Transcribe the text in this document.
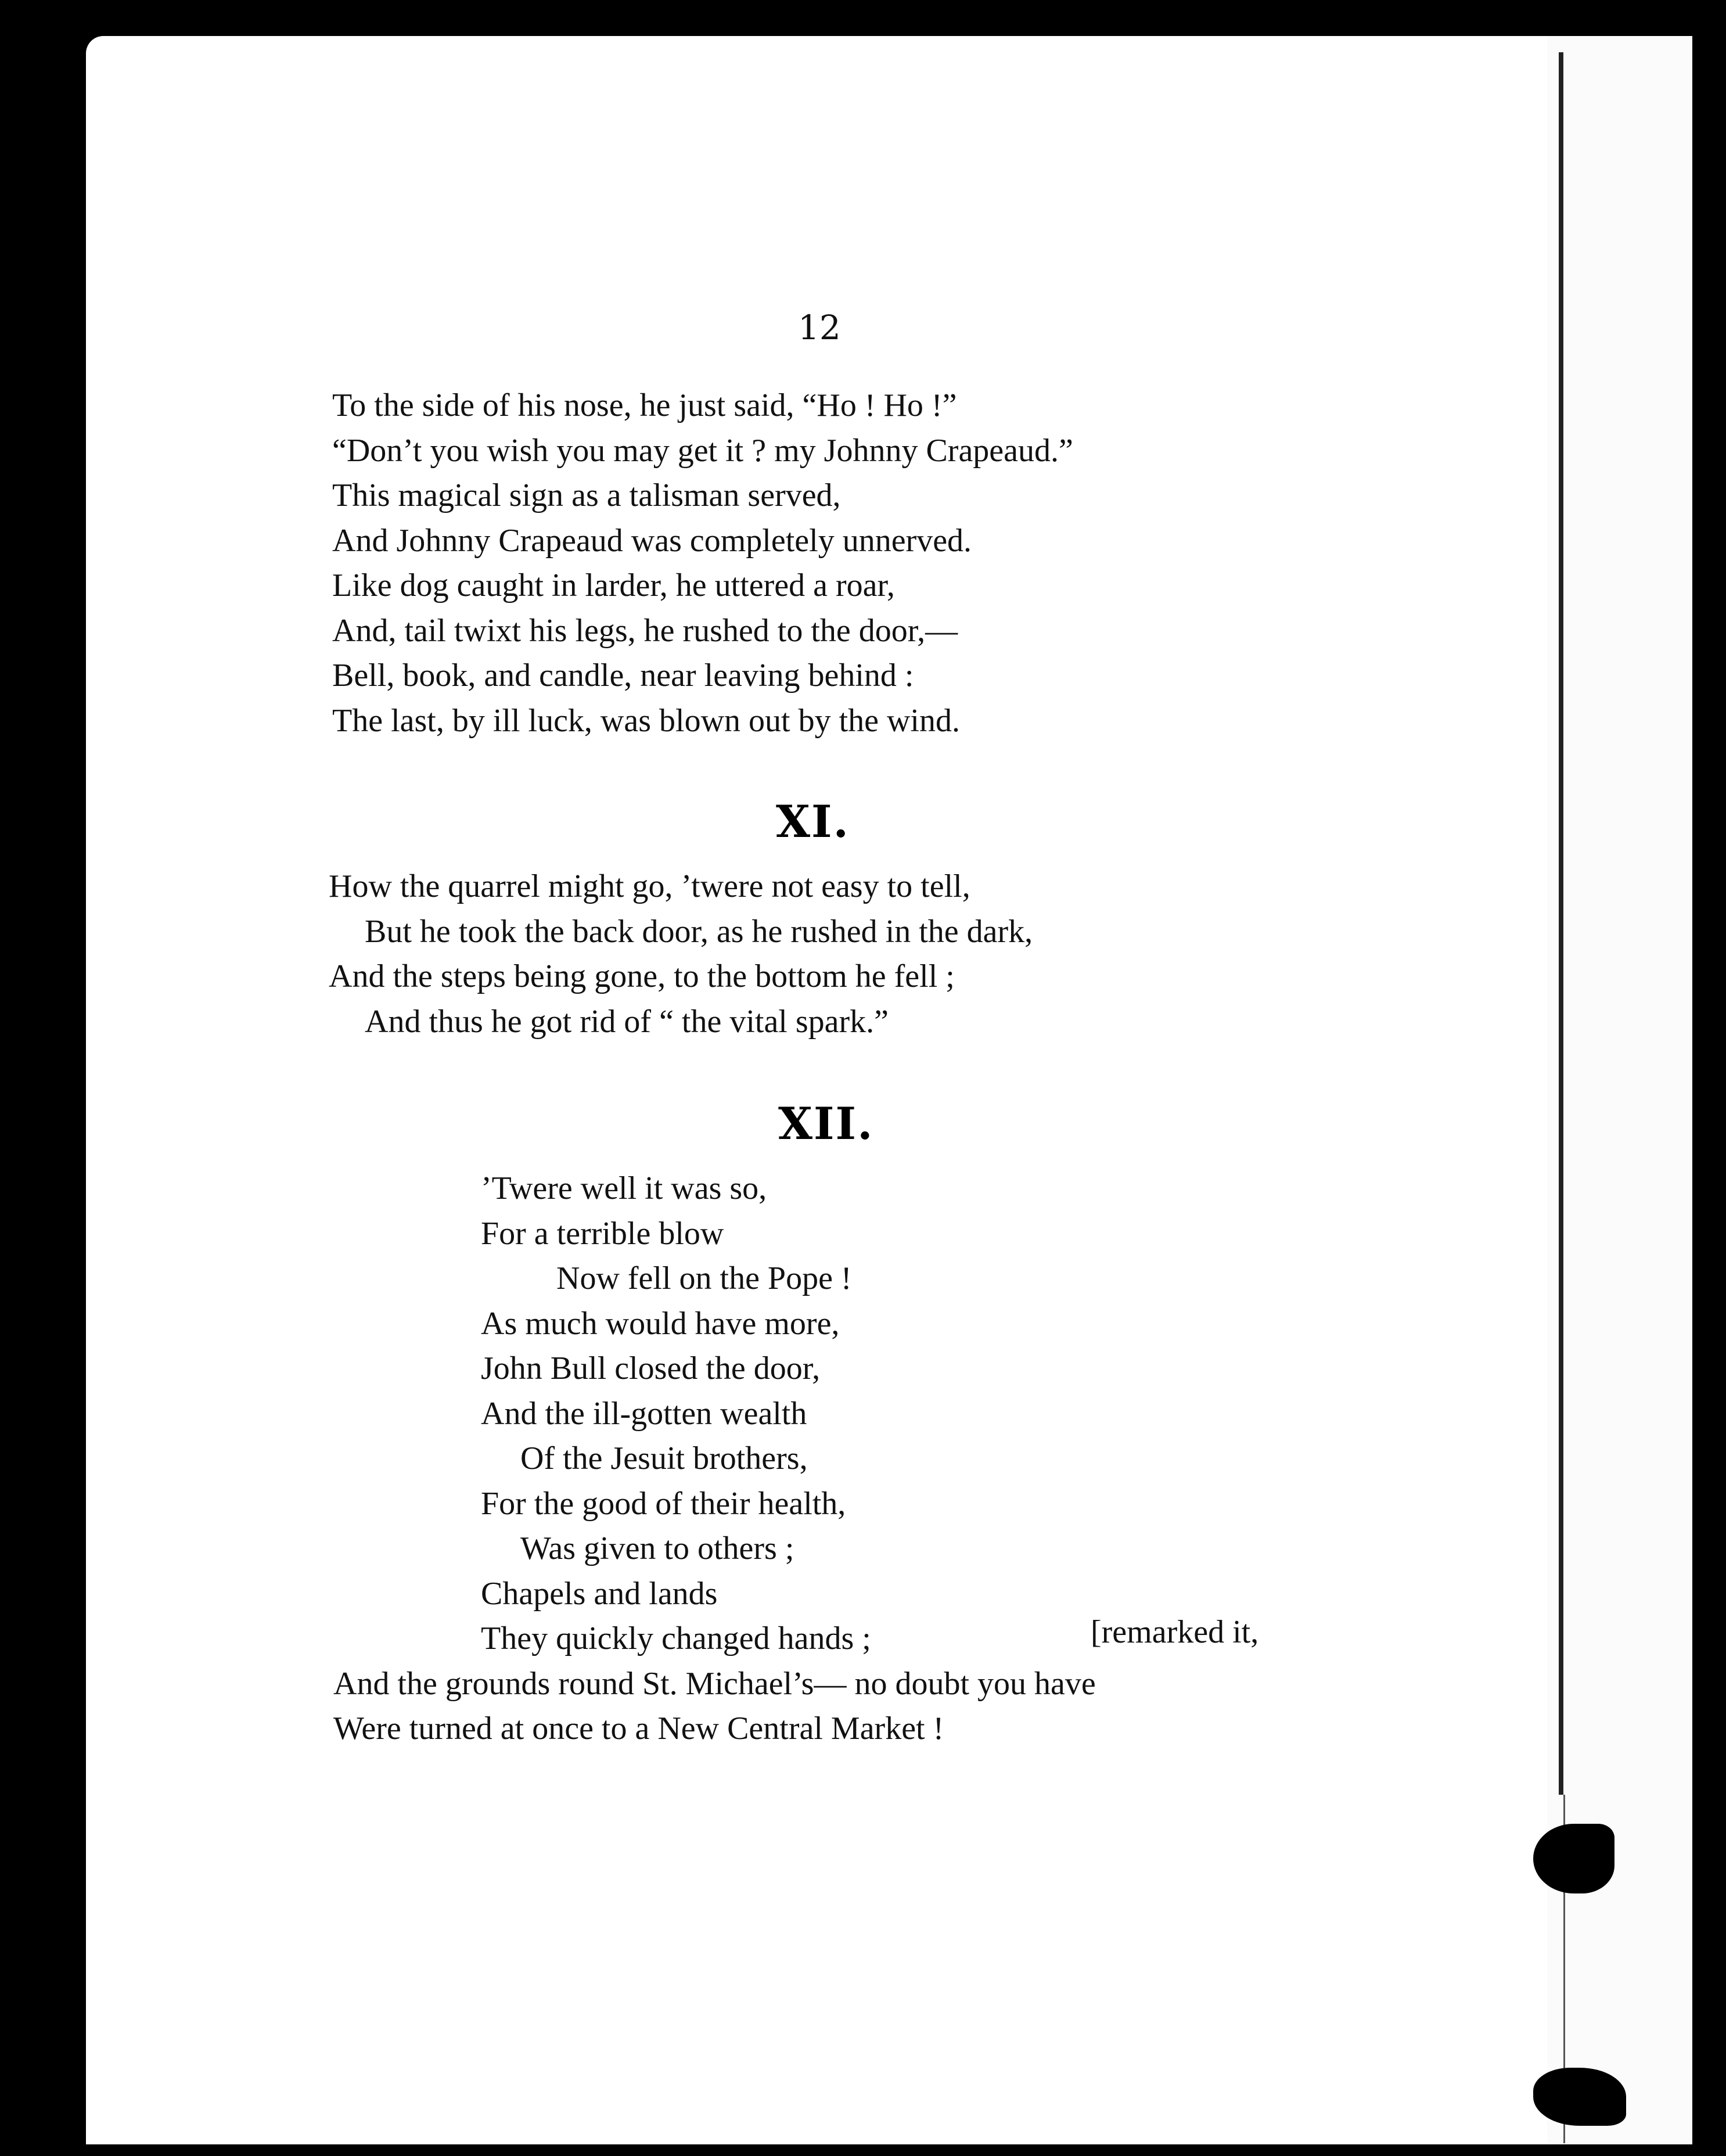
12
To the side of his nose, he just said, “Ho ! Ho !”
“Don’t you wish you may get it ? my Johnny Crapeaud.”
This magical sign as a talisman served,
And Johnny Crapeaud was completely unnerved.
Like dog caught in larder, he uttered a roar,
And, tail twixt his legs, he rushed to the door,—
Bell, book, and candle, near leaving behind :
The last, by ill luck, was blown out by the wind.
XI.
How the quarrel might go, ’twere not easy to tell,
But he took the back door, as he rushed in the dark,
And the steps being gone, to the bottom he fell ;
And thus he got rid of “ the vital spark.”
XII.
’Twere well it was so,
For a terrible blow
Now fell on the Pope !
As much would have more,
John Bull closed the door,
And the ill-gotten wealth
Of the Jesuit brothers,
For the good of their health,
Was given to others ;
Chapels and lands
They quickly changed hands ;
And the grounds round St. Michael’s— no doubt you have
Were turned at once to a New Central Market !
[remarked it,
